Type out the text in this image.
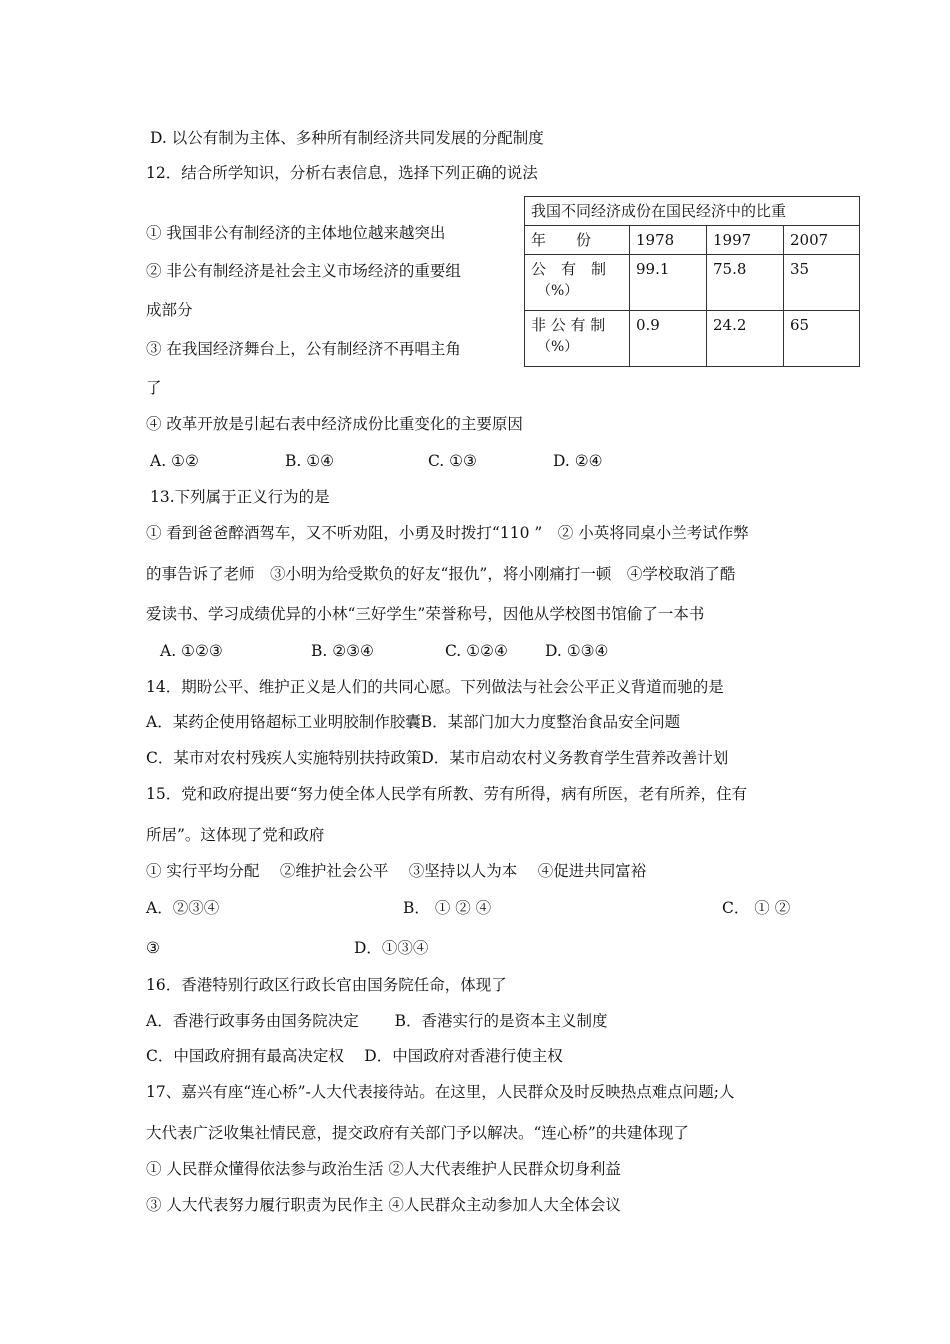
D. 以公有制为主体、多种所有制经济共同发展的分配制度
12．结合所学知识，分析右表信息，选择下列正确的说法
① 我国非公有制经济的主体地位越来越突出
② 非公有制经济是社会主义市场经济的重要组
成部分
③ 在我国经济舞台上，公有制经济不再唱主角
了
④ 改革开放是引起右表中经济成份比重变化的主要原因
A. ①②	B. ①④	C. ①③	D. ②④
我国不同经济成份在国民经济中的比重			
年　　份	1978	1997	2007
公　有　制
（%）	99.1	75.8	35
非 公 有 制
（%）	0.9	24.2	65
13.下列属于正义行为的是
① 看到爸爸醉酒驾车，又不听劝阻，小勇及时拨打“110 ”　② 小英将同桌小兰考试作弊
的事告诉了老师　③小明为给受欺负的好友“报仇”，将小刚痛打一顿　④学校取消了酷
爱读书、学习成绩优异的小林“三好学生”荣誉称号，因他从学校图书馆偷了一本书
A. ①②③	B. ②③④	C. ①②④ D. ①③④
14．期盼公平、维护正义是人们的共同心愿。下列做法与社会公平正义背道而驰的是
A．某药企使用铬超标工业明胶制作胶囊B．某部门加大力度整治食品安全问题
C．某市对农村残疾人实施特别扶持政策D．某市启动农村义务教育学生营养改善计划
15．党和政府提出要“努力使全体人民学有所教、劳有所得，病有所医，老有所养，住有
所居”。这体现了党和政府
① 实行平均分配　 ②维护社会公平　 ③坚持以人为本　 ④促进共同富裕
A．②③④	B． ① ② ④	C． ① ②
③	D．①③④
16．香港特别行政区行政长官由国务院任命，体现了
A．香港行政事务由国务院决定　　 B．香港实行的是资本主义制度
C．中国政府拥有最高决定权　 D．中国政府对香港行使主权
17、嘉兴有座“连心桥”-人大代表接待站。在这里，人民群众及时反映热点难点问题;人
大代表广泛收集社情民意，提交政府有关部门予以解决。“连心桥”的共建体现了
① 人民群众懂得依法参与政治生活 ②人大代表维护人民群众切身利益
③ 人大代表努力履行职责为民作主 ④人民群众主动参加人大全体会议
